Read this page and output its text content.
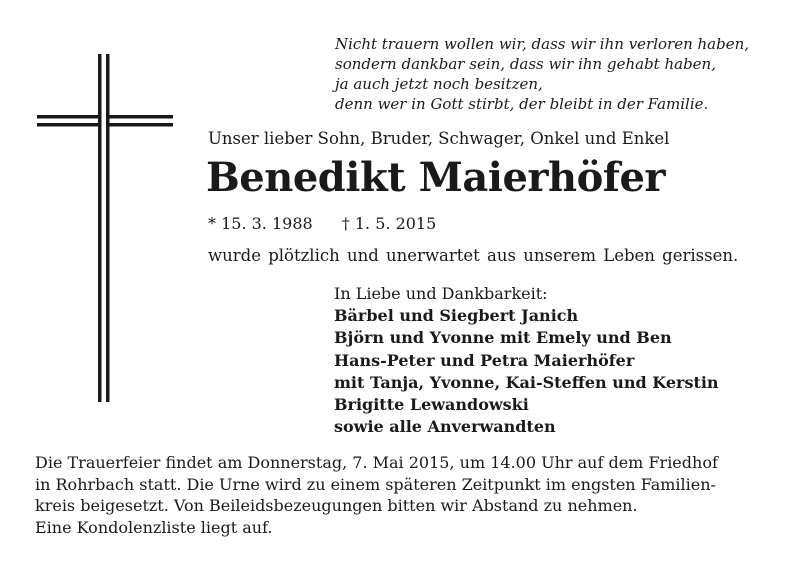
Nicht trauern wollen wir, dass wir ihn verloren haben,
sondern dankbar sein, dass wir ihn gehabt haben,
ja auch jetzt noch besitzen,
denn wer in Gott stirbt, der bleibt in der Familie.
Unser lieber Sohn, Bruder, Schwager, Onkel und Enkel
Benedikt Maierhöfer
* 15. 3. 1988 † 1. 5. 2015
wurde plötzlich und unerwartet aus unserem Leben gerissen.
In Liebe und Dankbarkeit:
Bärbel und Siegbert Janich
Björn und Yvonne mit Emely und Ben
Hans-Peter und Petra Maierhöfer
mit Tanja, Yvonne, Kai-Steffen und Kerstin
Brigitte Lewandowski
sowie alle Anverwandten
Die Trauerfeier findet am Donnerstag, 7. Mai 2015, um 14.00 Uhr auf dem Friedhof
in Rohrbach statt. Die Urne wird zu einem späteren Zeitpunkt im engsten Familien-
kreis beigesetzt. Von Beileidsbezeugungen bitten wir Abstand zu nehmen.
Eine Kondolenzliste liegt auf.
